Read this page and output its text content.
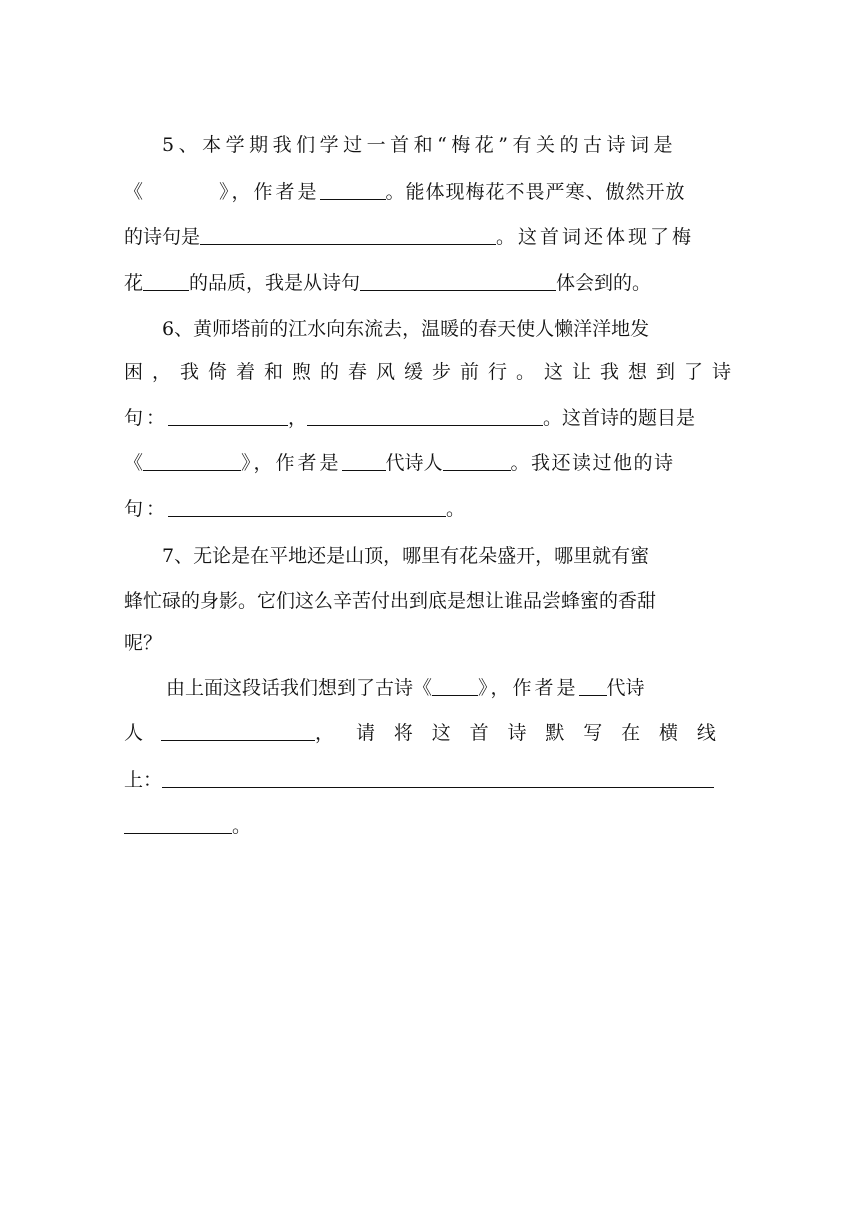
5、本学期我们学过一首和“梅花”有关的古诗词是
《	》，作者是	。能体现梅花不畏严寒、傲然开放
的诗句是	。这首词还体现了梅
花 的品质，我是从诗句	体会到的。
6、黄师塔前的江水向东流去，温暖的春天使人懒洋洋地发
困，我倚着和煦的春风缓步前行。这让我想到了诗
句：	，	。这首诗的题目是
《	》，作者是 代诗人	。我还读过他的诗
句：	。
7、无论是在平地还是山顶，哪里有花朵盛开，哪里就有蜜
蜂忙碌的身影。它们这么辛苦付出到底是想让谁品尝蜂蜜的香甜
呢？
由上面这段话我们想到了古诗《 》，作者是 代诗
人	， 请 将 这 首 诗 默 写 在 横 线
上：
。
